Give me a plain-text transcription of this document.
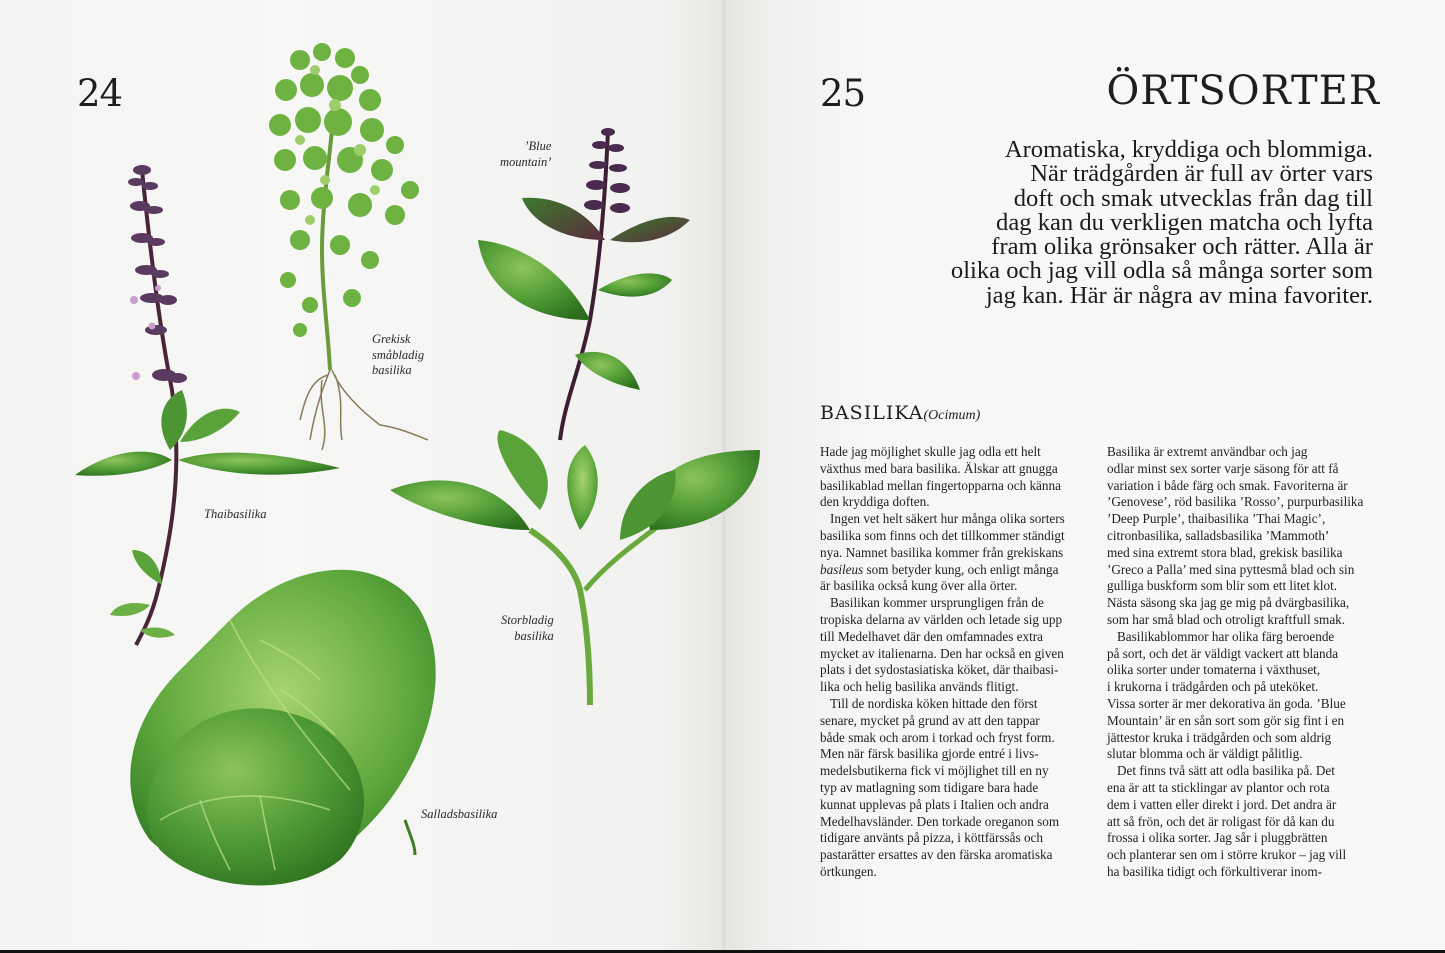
24	25	ÖRTSORTER
Aromatiska, kryddiga och blommiga.
När trädgården är full av örter vars
doft och smak utvecklas från dag till
dag kan du verkligen matcha och lyfta
fram olika grönsaker och rätter. Alla är
olika och jag vill odla så många sorter som
jag kan. Här är några av mina favoriter.
BASILIKA(Ocimum)

Hade jag möjlighet skulle jag odla ett helt
växthus med bara basilika. Älskar att gnugga
basilikablad mellan fingertopparna och känna
den kryddiga doften.

Ingen vet helt säkert hur många olika sorters
basilika som finns och det tillkommer ständigt
nya. Namnet basilika kommer från grekiskans
basileus som betyder kung, och enligt många
är basilika också kung över alla örter.

Basilikan kommer ursprungligen från de
tropiska delarna av världen och letade sig upp
till Medelhavet där den omfamnades extra
mycket av italienarna. Den har också en given
plats i det sydostasiatiska köket, där thaibasi-
lika och helig basilika används flitigt.

Till de nordiska köken hittade den först
senare, mycket på grund av att den tappar
både smak och arom i torkad och fryst form.
Men när färsk basilika gjorde entré i livs-
medelsbutikerna fick vi möjlighet till en ny
typ av matlagning som tidigare bara hade
kunnat upplevas på plats i Italien och andra
Medelhavsländer. Den torkade oreganon som
tidigare använts på pizza, i köttfärssås och
pastarätter ersattes av den färska aromatiska
örtkungen.

Basilika är extremt användbar och jag
odlar minst sex sorter varje säsong för att få
variation i både färg och smak. Favoriterna är
’Genovese’, röd basilika ’Rosso’, purpurbasilika
’Deep Purple’, thaibasilika ’Thai Magic’,
citronbasilika, salladsbasilika ’Mammoth’
med sina extremt stora blad, grekisk basilika
’Greco a Palla’ med sina pyttesmå blad och sin
gulliga buskform som blir som ett litet klot.
Nästa säsong ska jag ge mig på dvärgbasilika,
som har små blad och otroligt kraftfull smak.

Basilikablommor har olika färg beroende
på sort, och det är väldigt vackert att blanda
olika sorter under tomaterna i växthuset,
i krukorna i trädgården och på uteköket.
Vissa sorter är mer dekorativa än goda. ’Blue
Mountain’ är en sån sort som gör sig fint i en
jättestor kruka i trädgården och som aldrig
slutar blomma och är väldigt pålitlig.

Det finns två sätt att odla basilika på. Det
ena är att ta sticklingar av plantor och rota
dem i vatten eller direkt i jord. Det andra är
att så frön, och det är roligast för då kan du
frossa i olika sorter. Jag sår i pluggbrätten
och planterar sen om i större krukor – jag vill
ha basilika tidigt och förkultiverar inom-

’Blue
mountain’
Grekisk
småbladig
basilika
Thaibasilika
Storbladig
basilika
Salladsbasilika
